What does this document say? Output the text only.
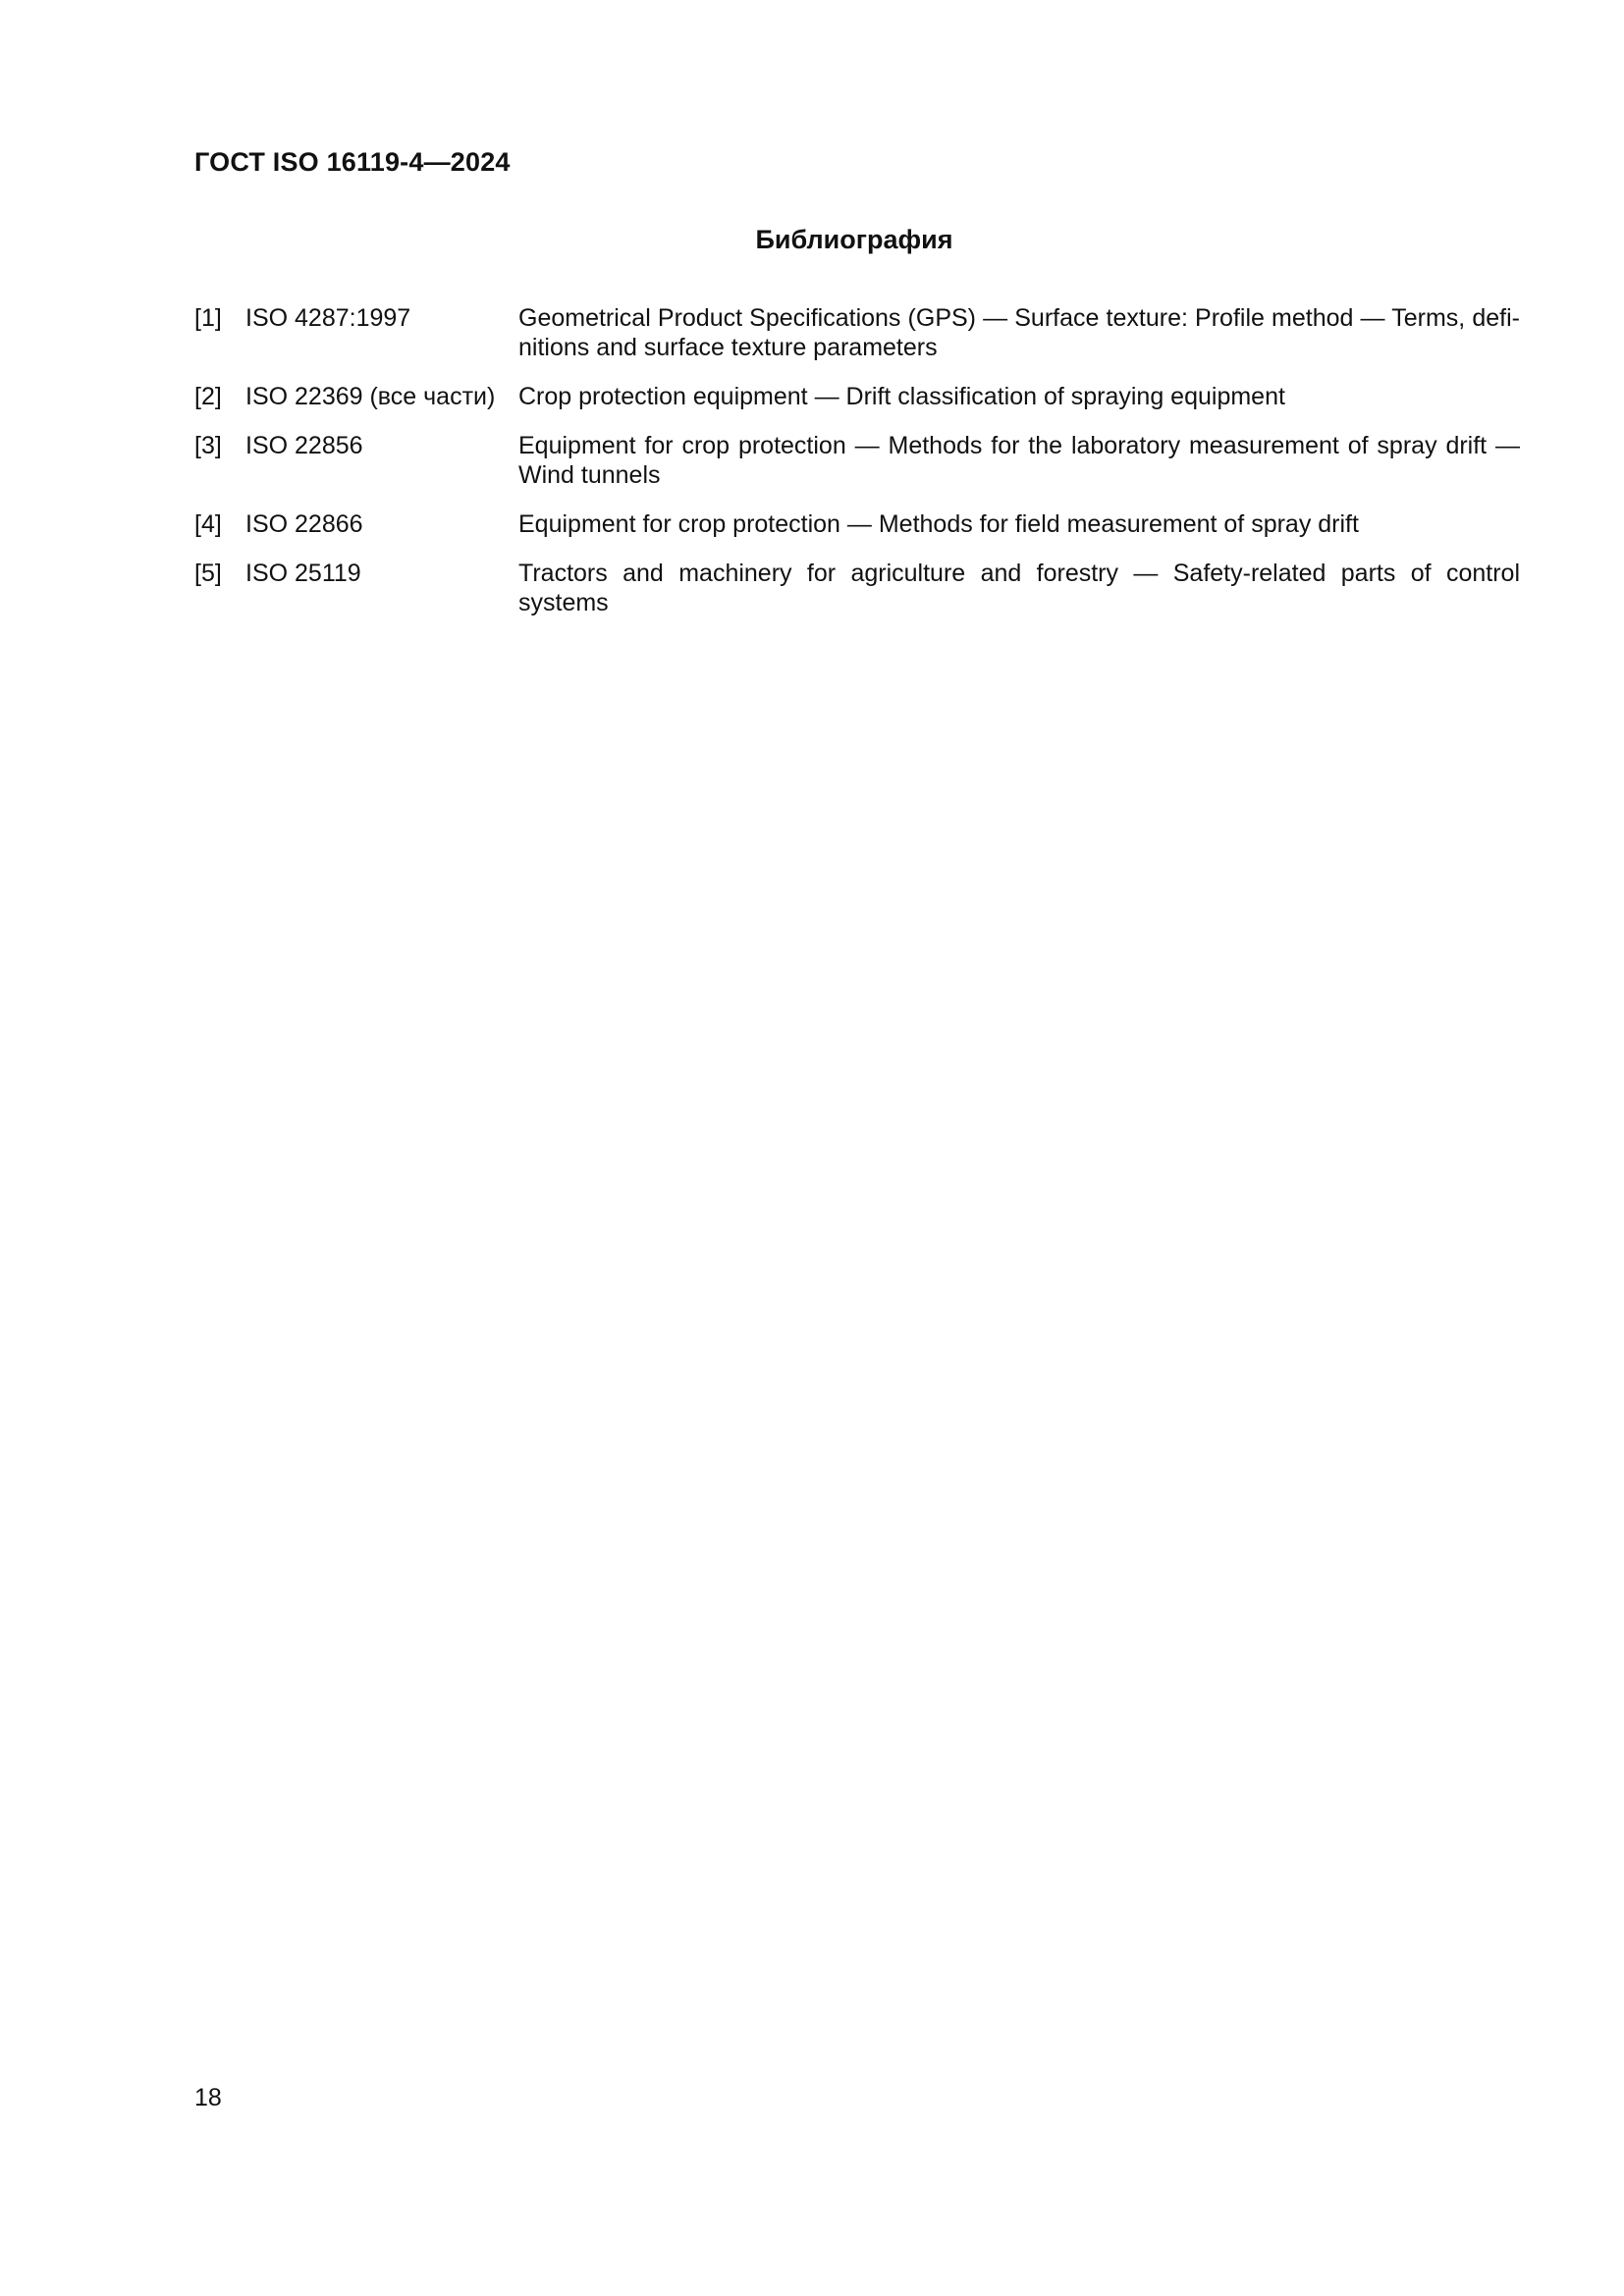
ГОСТ ISO 16119-4—2024
Библиография
[1] ISO 4287:1997	Geometrical Product Specifications (GPS) — Surface texture: Profile method — Terms, definitions and surface texture parameters
[2] ISO 22369 (все части) Crop protection equipment — Drift classification of spraying equipment
[3] ISO 22856	Equipment for crop protection — Methods for the laboratory measurement of spray drift — Wind tunnels
[4] ISO 22866	Equipment for crop protection — Methods for field measurement of spray drift
[5] ISO 25119	Tractors and machinery for agriculture and forestry — Safety-related parts of control systems
18
